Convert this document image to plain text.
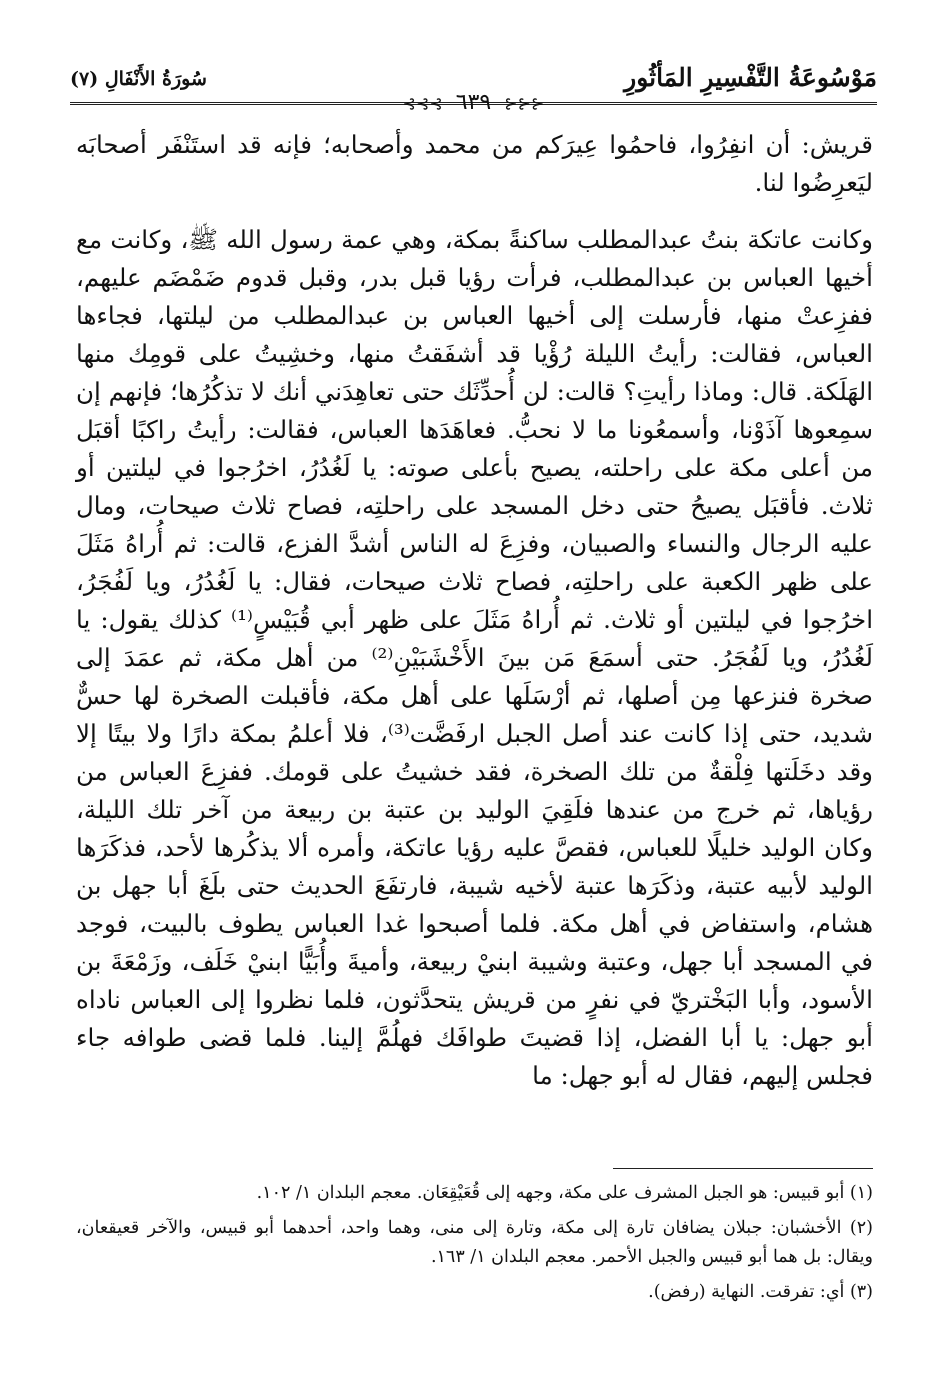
مَوْسُوعَةُ التَّفْسِيرِ المَأثُورِ
سُورَةُ الأَنْفَالِ (٧)
⊰⊰⊰ ٦٣٩ ⊱⊱⊱

قريش: أن انفِرُوا، فاحمُوا عِيرَكم من محمد وأصحابه؛ فإنه قد استَنْفَر أصحابَه ليَعرِضُوا لنا.

وكانت عاتكة بنتُ عبدالمطلب ساكنةً بمكة، وهي عمة رسول الله ﷺ، وكانت مع أخيها العباس بن عبدالمطلب، فرأت رؤيا قبل بدر، وقبل قدوم ضَمْضَم عليهم، ففزِعتْ منها، فأرسلت إلى أخيها العباس بن عبدالمطلب من ليلتها، فجاءها العباس، فقالت: رأيتُ الليلة رُؤْيا قد أشفَقتُ منها، وخشِيتُ على قومِك منها الهَلَكة. قال: وماذا رأيتِ؟ قالت: لن أُحدِّثَك حتى تعاهِدَني أنك لا تذكُرُها؛ فإنهم إن سمِعوها آذَوْنا، وأسمعُونا ما لا نحبُّ. فعاهَدَها العباس، فقالت: رأيتُ راكبًا أقبَل من أعلى مكة على راحلته، يصيح بأعلى صوته: يا لَغُدُرُ، اخرُجوا في ليلتين أو ثلاث. فأقبَل يصيحُ حتى دخل المسجد على راحلتِه، فصاح ثلاث صيحات، ومال عليه الرجال والنساء والصبيان، وفزِعَ له الناس أشدَّ الفزع، قالت: ثم أُراهُ مَثَلَ على ظهر الكعبة على راحلتِه، فصاح ثلاث صيحات، فقال: يا لَغُدُرُ، ويا لَفُجَرُ، اخرُجوا في ليلتين أو ثلاث. ثم أُراهُ مَثَلَ على ظهر أبي قُبَيْسٍ⁽¹⁾ كذلك يقول: يا لَغُدُرُ، ويا لَفُجَرُ. حتى أسمَعَ مَن بينَ الأَخْشَبَيْنِ⁽²⁾ من أهل مكة، ثم عمَدَ إلى صخرة فنزعها مِن أصلها، ثم أرْسَلَها على أهل مكة، فأقبلت الصخرة لها حسٌّ شديد، حتى إذا كانت عند أصل الجبل ارفَضَّت⁽³⁾، فلا أعلمُ بمكة دارًا ولا بيتًا إلا وقد دخَلَتها فِلْقةٌ من تلك الصخرة، فقد خشيتُ على قومك. ففزِعَ العباس من رؤياها، ثم خرج من عندها فلَقِيَ الوليد بن عتبة بن ربيعة من آخر تلك الليلة، وكان الوليد خليلًا للعباس، فقصَّ عليه رؤيا عاتكة، وأمره ألا يذكُرها لأحد، فذكَرَها الوليد لأبيه عتبة، وذكَرَها عتبة لأخيه شيبة، فارتفَعَ الحديث حتى بلَغَ أبا جهل بن هشام، واستفاض في أهل مكة. فلما أصبحوا غدا العباس يطوف بالبيت، فوجد في المسجد أبا جهل، وعتبة وشيبة ابنيْ ربيعة، وأميةَ وأُبَيًّا ابنيْ خَلَف، وزَمْعَةَ بن الأسود، وأبا البَخْتريّ في نفرٍ من قريش يتحدَّثون، فلما نظروا إلى العباس ناداه أبو جهل: يا أبا الفضل، إذا قضيتَ طوافَك فهلُمَّ إلينا. فلما قضى طوافه جاء فجلس إليهم، فقال له أبو جهل: ما

(١) أبو قبيس: هو الجبل المشرف على مكة، وجهه إلى قُعَيْقِعَان. معجم البلدان ١/ ١٠٢.

(٢) الأخشبان: جبلان يضافان تارة إلى مكة، وتارة إلى منى، وهما واحد، أحدهما أبو قبيس، والآخر قعيقعان، ويقال: بل هما أبو قبيس والجبل الأحمر. معجم البلدان ١/ ١٦٣.

(٣) أي: تفرقت. النهاية (رفض).
